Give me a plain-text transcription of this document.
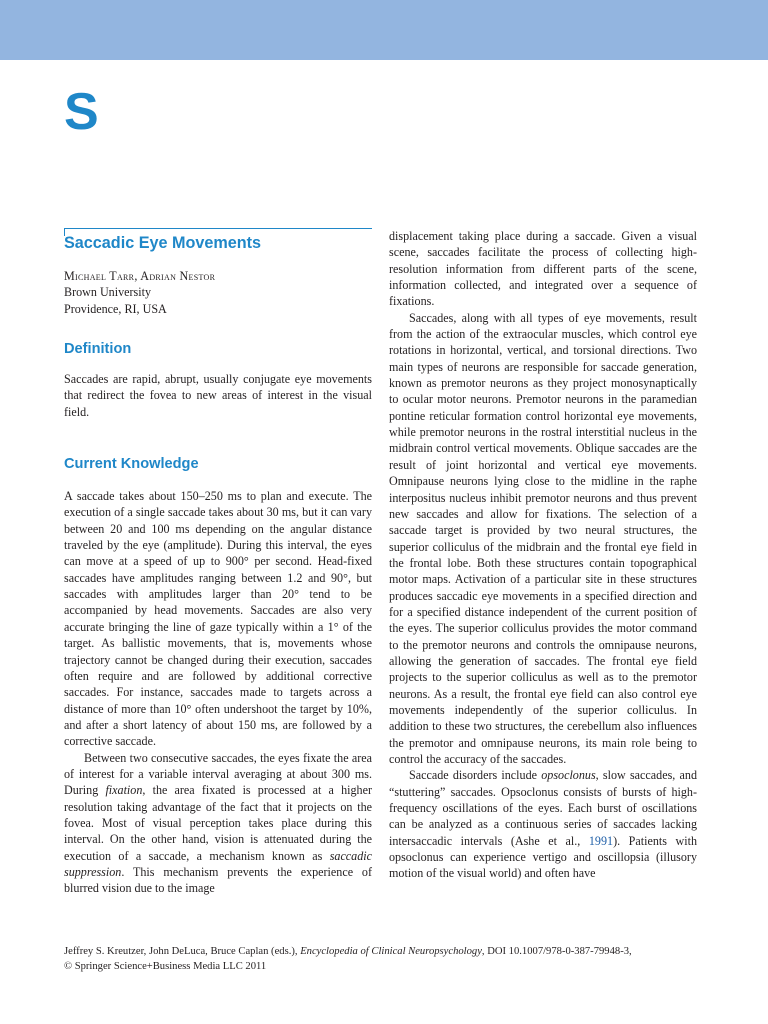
S
Saccadic Eye Movements
Michael Tarr, Adrian Nestor
Brown University
Providence, RI, USA
Definition

Saccades are rapid, abrupt, usually conjugate eye movements that redirect the fovea to new areas of interest in the visual field.

Current Knowledge

A saccade takes about 150–250 ms to plan and execute. The execution of a single saccade takes about 30 ms, but it can vary between 20 and 100 ms depending on the angular distance traveled by the eye (amplitude). During this interval, the eyes can move at a speed of up to 900° per second. Head-fixed saccades have amplitudes ranging between 1.2 and 90°, but saccades with amplitudes larger than 20° tend to be accompanied by head movements. Saccades are also very accurate bringing the line of gaze typically within a 1° of the target. As ballistic movements, that is, movements whose trajectory cannot be changed during their execution, saccades often require and are followed by additional corrective saccades. For instance, saccades made to targets across a distance of more than 10° often undershoot the target by 10%, and after a short latency of about 150 ms, are followed by a corrective saccade.

Between two consecutive saccades, the eyes fixate the area of interest for a variable interval averaging at about 300 ms. During fixation, the area fixated is processed at a higher resolution taking advantage of the fact that it projects on the fovea. Most of visual perception takes place during this interval. On the other hand, vision is attenuated during the execution of a saccade, a mechanism known as saccadic suppression. This mechanism prevents the experience of blurred vision due to the image

displacement taking place during a saccade. Given a visual scene, saccades facilitate the process of collecting high-resolution information from different parts of the scene, information collected, and integrated over a sequence of fixations.

Saccades, along with all types of eye movements, result from the action of the extraocular muscles, which control eye rotations in horizontal, vertical, and torsional directions. Two main types of neurons are responsible for saccade generation, known as premotor neurons as they project monosynaptically to ocular motor neurons. Premotor neurons in the paramedian pontine reticular formation control horizontal eye movements, while premotor neurons in the rostral interstitial nucleus in the midbrain control vertical movements. Oblique saccades are the result of joint horizontal and vertical eye movements. Omnipause neurons lying close to the midline in the raphe interpositus nucleus inhibit premotor neurons and thus prevent new saccades and allow for fixations. The selection of a saccade target is provided by two neural structures, the superior colliculus of the midbrain and the frontal eye field in the frontal lobe. Both these structures contain topographical motor maps. Activation of a particular site in these structures produces saccadic eye movements in a specified direction and for a specified distance independent of the current position of the eyes. The superior colliculus provides the motor command to the premotor neurons and controls the omnipause neurons, allowing the generation of saccades. The frontal eye field projects to the superior colliculus as well as to the premotor neurons. As a result, the frontal eye field can also control eye movements independently of the superior colliculus. In addition to these two structures, the cerebellum also influences the premotor and omnipause neurons, its main role being to control the accuracy of the saccades.

Saccade disorders include opsoclonus, slow saccades, and “stuttering” saccades. Opsoclonus consists of bursts of high-frequency oscillations of the eyes. Each burst of oscillations can be analyzed as a continuous series of saccades lacking intersaccadic intervals (Ashe et al., 1991). Patients with opsoclonus can experience vertigo and oscillopsia (illusory motion of the visual world) and often have

Jeffrey S. Kreutzer, John DeLuca, Bruce Caplan (eds.), Encyclopedia of Clinical Neuropsychology, DOI 10.1007/978-0-387-79948-3,
© Springer Science+Business Media LLC 2011
